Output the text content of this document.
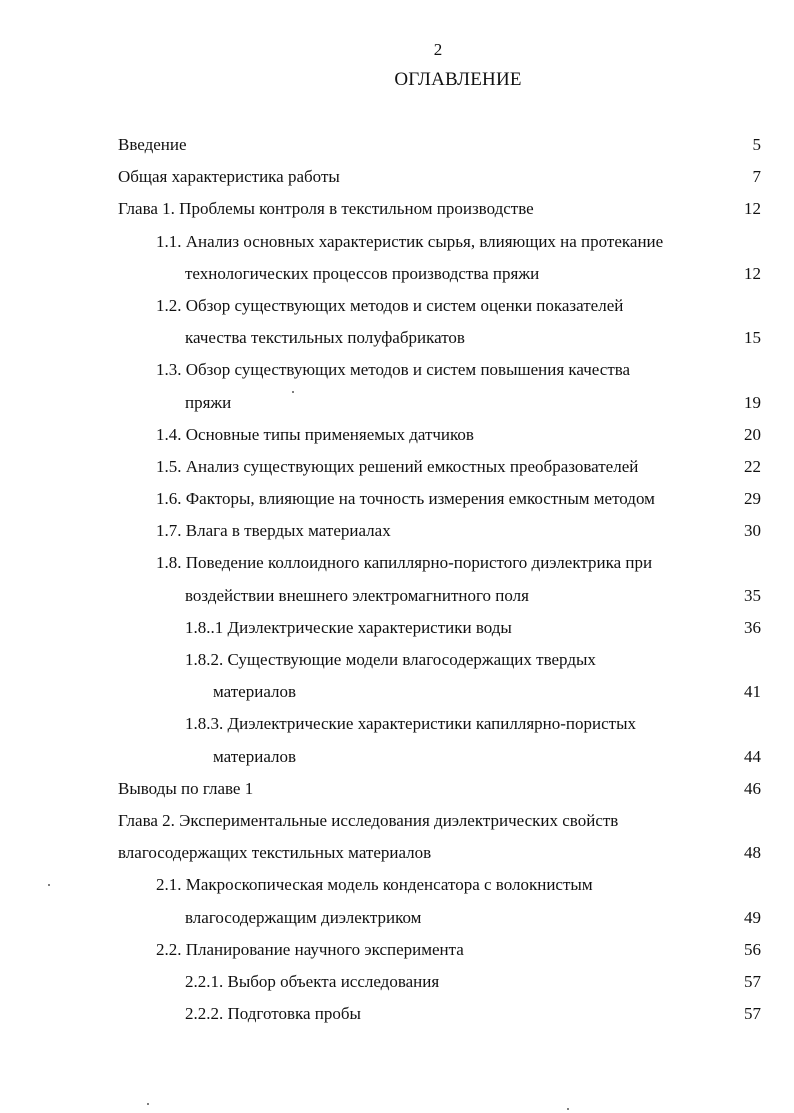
2
ОГЛАВЛЕНИЕ
Введение	5
Общая характеристика работы	7
Глава 1. Проблемы контроля в текстильном производстве	12
1.1. Анализ основных характеристик сырья, влияющих на протекание
технологических процессов производства пряжи	12
1.2. Обзор существующих методов и систем оценки показателей
качества текстильных полуфабрикатов	15
1.3. Обзор существующих методов и систем повышения качества
пряжи	19
1.4. Основные типы применяемых датчиков	20
1.5. Анализ существующих решений емкостных преобразователей	22
1.6. Факторы, влияющие на точность измерения емкостным методом	29
1.7. Влага в твердых материалах	30
1.8. Поведение коллоидного капиллярно-пористого диэлектрика при
воздействии внешнего электромагнитного поля	35
1.8..1 Диэлектрические характеристики воды	36
1.8.2. Существующие модели влагосодержащих твердых
материалов	41
1.8.3. Диэлектрические характеристики капиллярно-пористых
материалов	44
Выводы по главе 1	46
Глава 2. Экспериментальные исследования диэлектрических свойств
влагосодержащих текстильных материалов	48
2.1. Макроскопическая модель конденсатора с волокнистым
влагосодержащим диэлектриком	49
2.2. Планирование научного эксперимента	56
2.2.1. Выбор объекта исследования	57
2.2.2. Подготовка пробы	57
